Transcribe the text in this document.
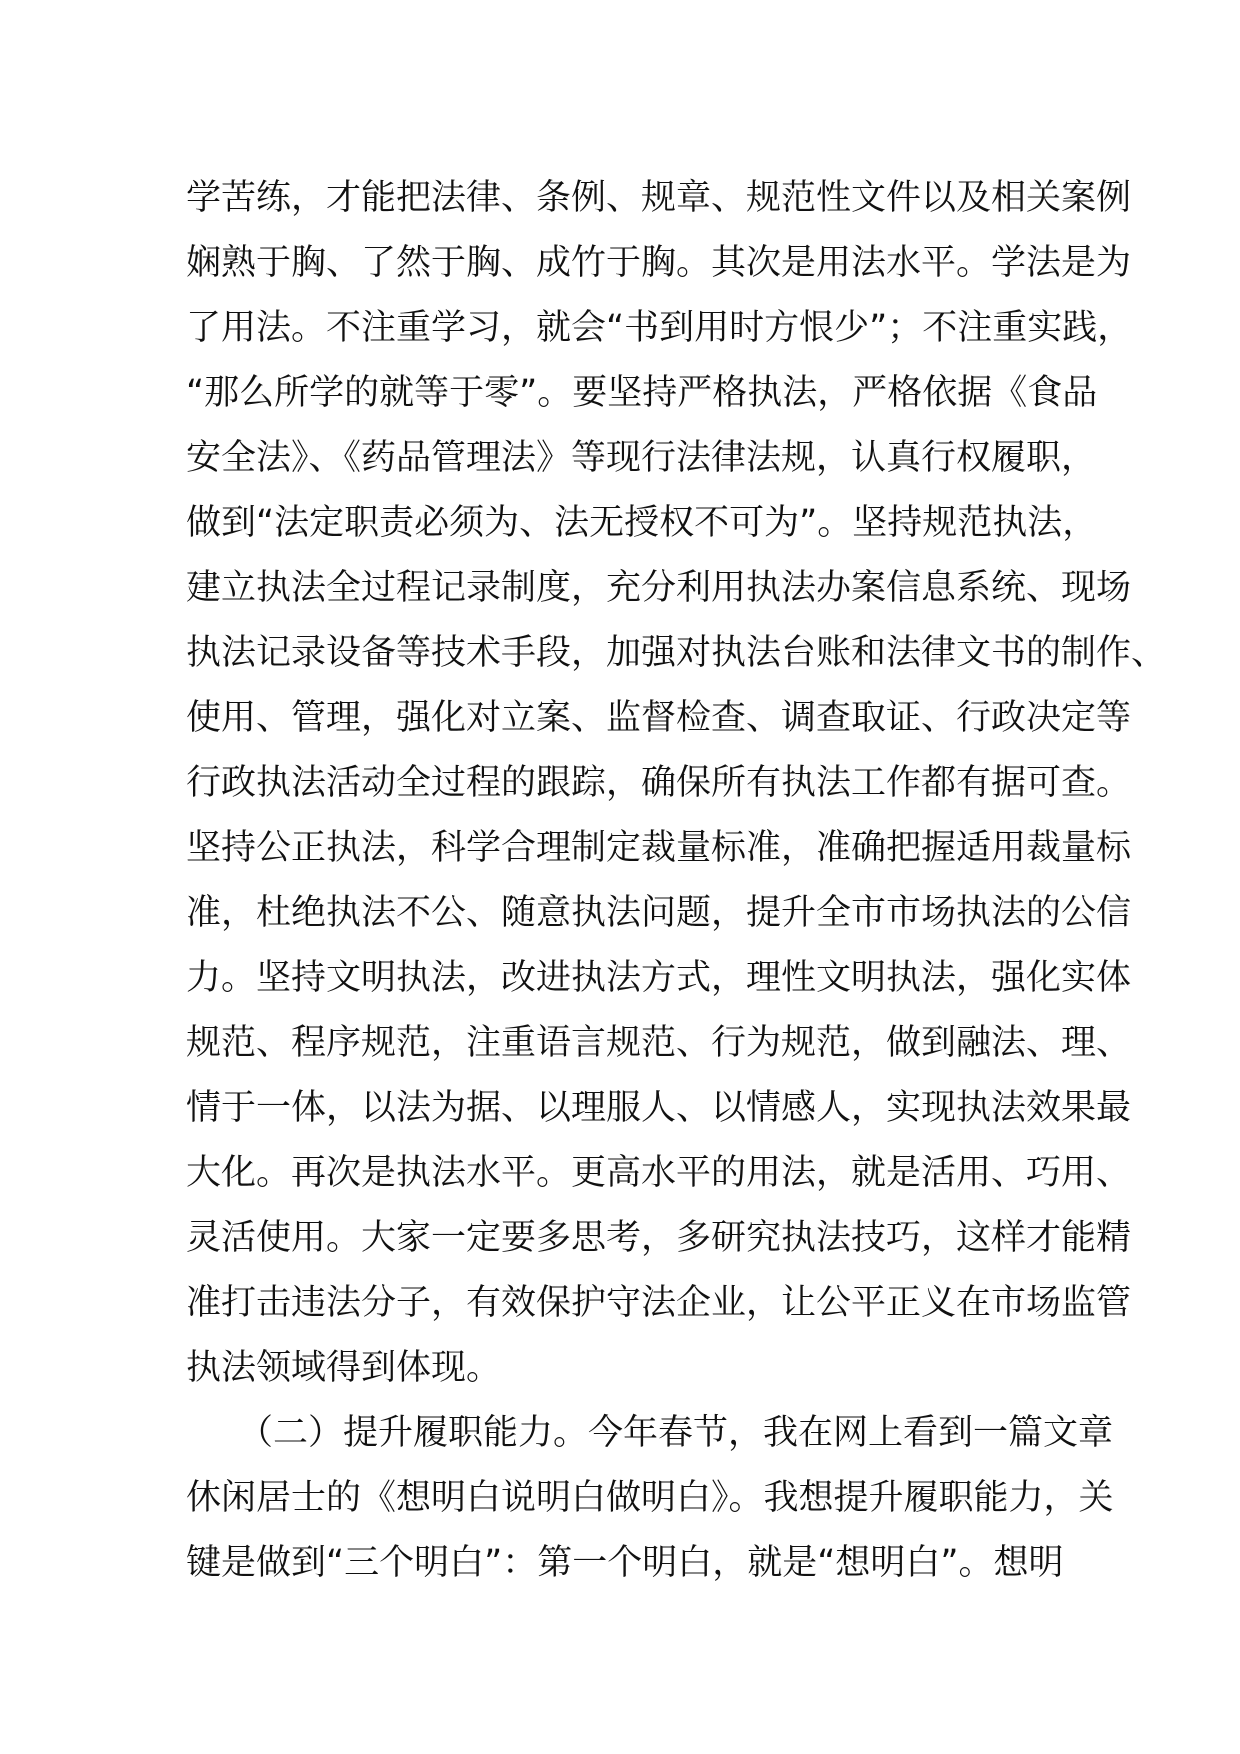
学苦练，才能把法律、条例、规章、规范性文件以及相关案例
娴熟于胸、了然于胸、成竹于胸。其次是用法水平。学法是为
了用法。不注重学习，就会“书到用时方恨少”；不注重实践，
“那么所学的就等于零”。要坚持严格执法，严格依据《食品
安全法》、《药品管理法》等现行法律法规，认真行权履职，
做到“法定职责必须为、法无授权不可为”。坚持规范执法，
建立执法全过程记录制度，充分利用执法办案信息系统、现场
执法记录设备等技术手段，加强对执法台账和法律文书的制作、
使用、管理，强化对立案、监督检查、调查取证、行政决定等
行政执法活动全过程的跟踪，确保所有执法工作都有据可查。
坚持公正执法，科学合理制定裁量标准，准确把握适用裁量标
准，杜绝执法不公、随意执法问题，提升全市市场执法的公信
力。坚持文明执法，改进执法方式，理性文明执法，强化实体
规范、程序规范，注重语言规范、行为规范，做到融法、理、
情于一体，以法为据、以理服人、以情感人，实现执法效果最
大化。再次是执法水平。更高水平的用法，就是活用、巧用、
灵活使用。大家一定要多思考，多研究执法技巧，这样才能精
准打击违法分子，有效保护守法企业，让公平正义在市场监管
执法领域得到体现。
（二）提升履职能力。今年春节，我在网上看到一篇文章
休闲居士的《想明白说明白做明白》。我想提升履职能力，关
键是做到“三个明白”：第一个明白，就是“想明白”。想明
